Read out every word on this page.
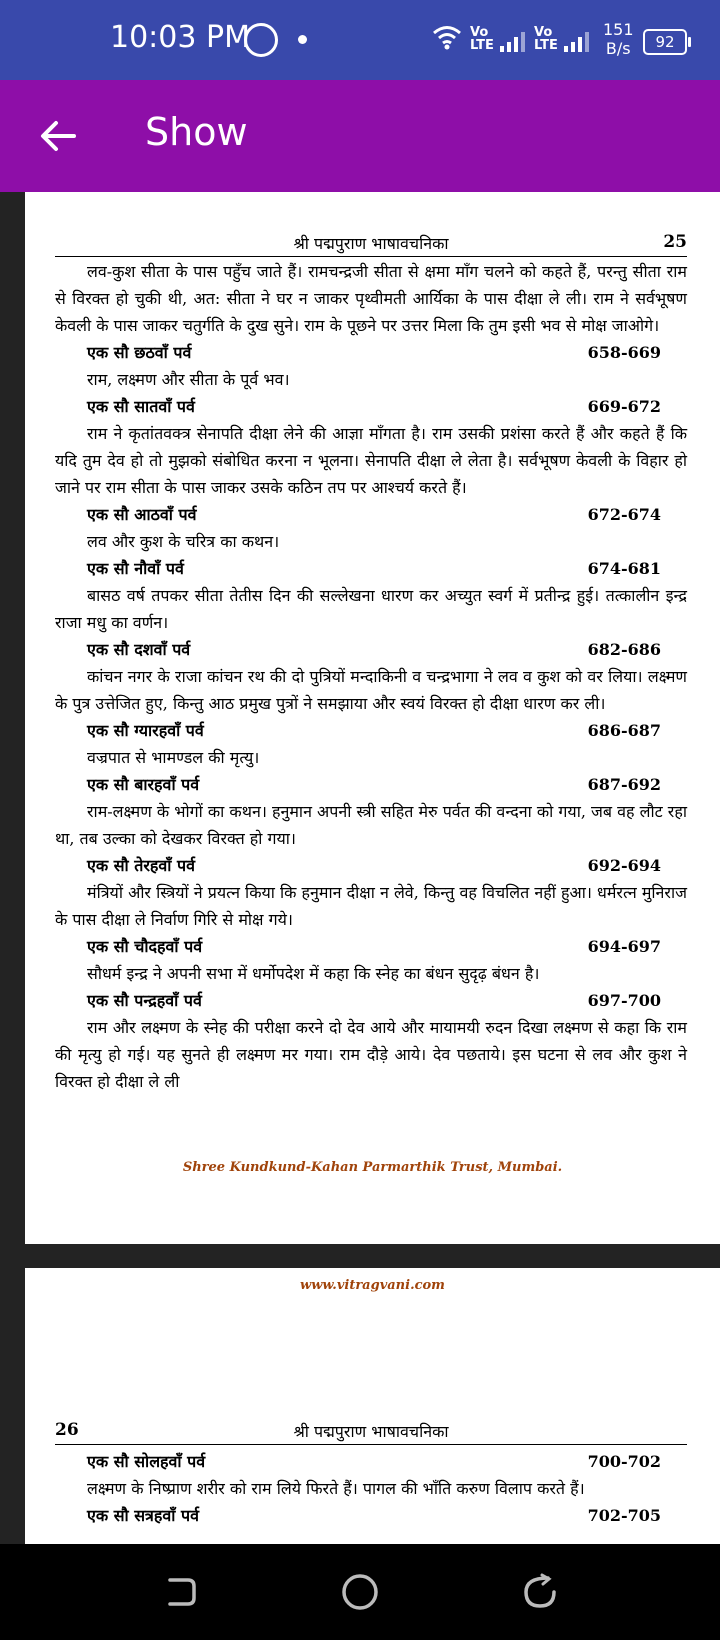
10:03 PM	Vo
LTE
Vo
LTE
151
B/s	92
Show
श्री पद्मपुराण भाषावचनिका	25
लव-कुश सीता के पास पहुँच जाते हैं। रामचन्द्रजी सीता से क्षमा माँग चलने को कहते हैं, परन्तु सीता राम से विरक्त हो चुकी थी, अत: सीता ने घर न जाकर पृथ्वीमती आर्यिका के पास दीक्षा ले ली। राम ने सर्वभूषण केवली के पास जाकर चतुर्गति के दुख सुने। राम के पूछने पर उत्तर मिला कि तुम इसी भव से मोक्ष जाओगे।
एक सौ छठवाँ पर्व	658-669
राम, लक्ष्मण और सीता के पूर्व भव।
एक सौ सातवाँ पर्व	669-672
राम ने कृतांतवक्त्र सेनापति दीक्षा लेने की आज्ञा माँगता है। राम उसकी प्रशंसा करते हैं और कहते हैं कि यदि तुम देव हो तो मुझको संबोधित करना न भूलना। सेनापति दीक्षा ले लेता है। सर्वभूषण केवली के विहार हो जाने पर राम सीता के पास जाकर उसके कठिन तप पर आश्चर्य करते हैं।
एक सौ आठवाँ पर्व	672-674
लव और कुश के चरित्र का कथन।
एक सौ नौवाँ पर्व	674-681
बासठ वर्ष तपकर सीता तेतीस दिन की सल्लेखना धारण कर अच्युत स्वर्ग में प्रतीन्द्र हुई। तत्कालीन इन्द्र राजा मधु का वर्णन।
एक सौ दशवाँ पर्व	682-686
कांचन नगर के राजा कांचन रथ की दो पुत्रियों मन्दाकिनी व चन्द्रभागा ने लव व कुश को वर लिया। लक्ष्मण के पुत्र उत्तेजित हुए, किन्तु आठ प्रमुख पुत्रों ने समझाया और स्वयं विरक्त हो दीक्षा धारण कर ली।
एक सौ ग्यारहवाँ पर्व	686-687
वज्रपात से भामण्डल की मृत्यु।
एक सौ बारहवाँ पर्व	687-692
राम-लक्ष्मण के भोगों का कथन। हनुमान अपनी स्त्री सहित मेरु पर्वत की वन्दना को गया, जब वह लौट रहा था, तब उल्का को देखकर विरक्त हो गया।
एक सौ तेरहवाँ पर्व	692-694
मंत्रियों और स्त्रियों ने प्रयत्न किया कि हनुमान दीक्षा न लेवे, किन्तु वह विचलित नहीं हुआ। धर्मरत्न मुनिराज के पास दीक्षा ले निर्वाण गिरि से मोक्ष गये।
एक सौ चौदहवाँ पर्व	694-697
सौधर्म इन्द्र ने अपनी सभा में धर्मोपदेश में कहा कि स्नेह का बंधन सुदृढ़ बंधन है।
एक सौ पन्द्रहवाँ पर्व	697-700
राम और लक्ष्मण के स्नेह की परीक्षा करने दो देव आये और मायामयी रुदन दिखा लक्ष्मण से कहा कि राम की मृत्यु हो गई। यह सुनते ही लक्ष्मण मर गया। राम दौड़े आये। देव पछताये। इस घटना से लव और कुश ने विरक्त हो दीक्षा ले ली
Shree Kundkund-Kahan Parmarthik Trust, Mumbai.
www.vitragvani.com
26	श्री पद्मपुराण भाषावचनिका
एक सौ सोलहवाँ पर्व	700-702
लक्ष्मण के निष्प्राण शरीर को राम लिये फिरते हैं। पागल की भाँति करुण विलाप करते हैं।
एक सौ सत्रहवाँ पर्व	702-705
